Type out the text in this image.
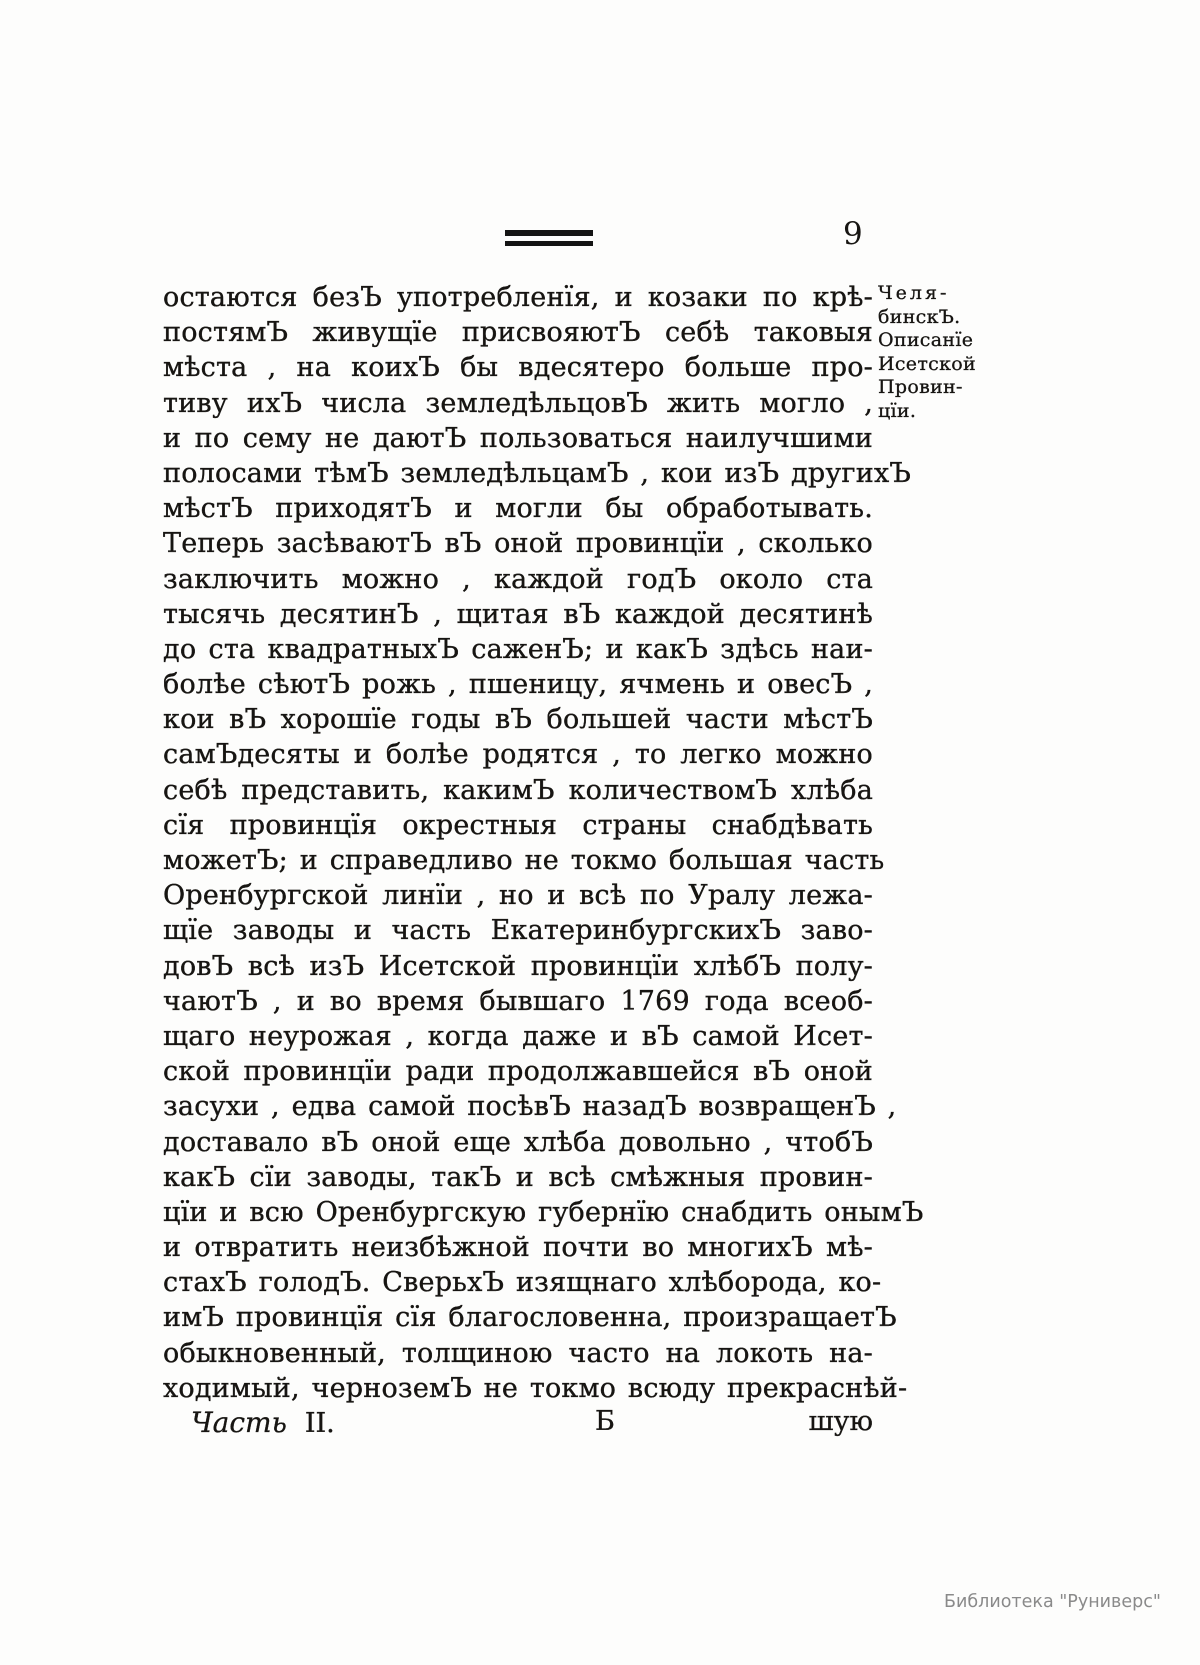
9
остаются безЪ употребленїя, и козаки по крѣ-
постямЪ живущїе присвояютЪ себѣ таковыя
мѣста , на коихЪ бы вдесятеро больше про-
тиву ихЪ числа земледѣльцовЪ жить могло ,
и по сему не даютЪ пользоваться наилучшими
полосами тѣмЪ земледѣльцамЪ , кои изЪ другихЪ
мѣстЪ приходятЪ и могли бы обработывать.
Теперь засѣваютЪ вЪ оной провинцїи , сколько
заключить можно , каждой годЪ около ста
тысячь десятинЪ , щитая вЪ каждой десятинѣ
до ста квадратныхЪ саженЪ; и какЪ здѣсь наи-
болѣе сѣютЪ рожь , пшеницу, ячмень и овесЪ ,
кои вЪ хорошїе годы вЪ большей части мѣстЪ
самЪдесяты и болѣе родятся , то легко можно
себѣ представить, какимЪ количествомЪ хлѣба
сїя провинцїя окрестныя страны снабдѣвать
можетЪ; и справедливо не токмо большая часть
Оренбургской линїи , но и всѣ по Уралу лежа-
щїе заводы и часть ЕкатеринбургскихЪ заво-
довЪ всѣ изЪ Исетской провинцїи хлѣбЪ полу-
чаютЪ , и во время бывшаго 1769 года всеоб-
щаго неурожая , когда даже и вЪ самой Исет-
ской провинцїи ради продолжавшейся вЪ оной
засухи , едва самой посѣвЪ назадЪ возвращенЪ ,
доставало вЪ оной еще хлѣба довольно , чтобЪ
какЪ сїи заводы, такЪ и всѣ смѣжныя провин-
цїи и всю Оренбургскую губернїю снабдить онымЪ
и отвратить неизбѣжной почти во многихЪ мѣ-
стахЪ голодЪ. СверьхЪ изящнаго хлѣборода, ко-
имЪ провинцїя сїя благословенна, произращаетЪ
обыкновенный, толщиною часто на локоть на-
ходимый, черноземЪ не токмо всюду прекраснѣй-
Челя-
бинскЪ.
Описанїе
Исетской
Провин-
цїи.
Часть II.	Б	шую
Библиотека "Руниверс"
